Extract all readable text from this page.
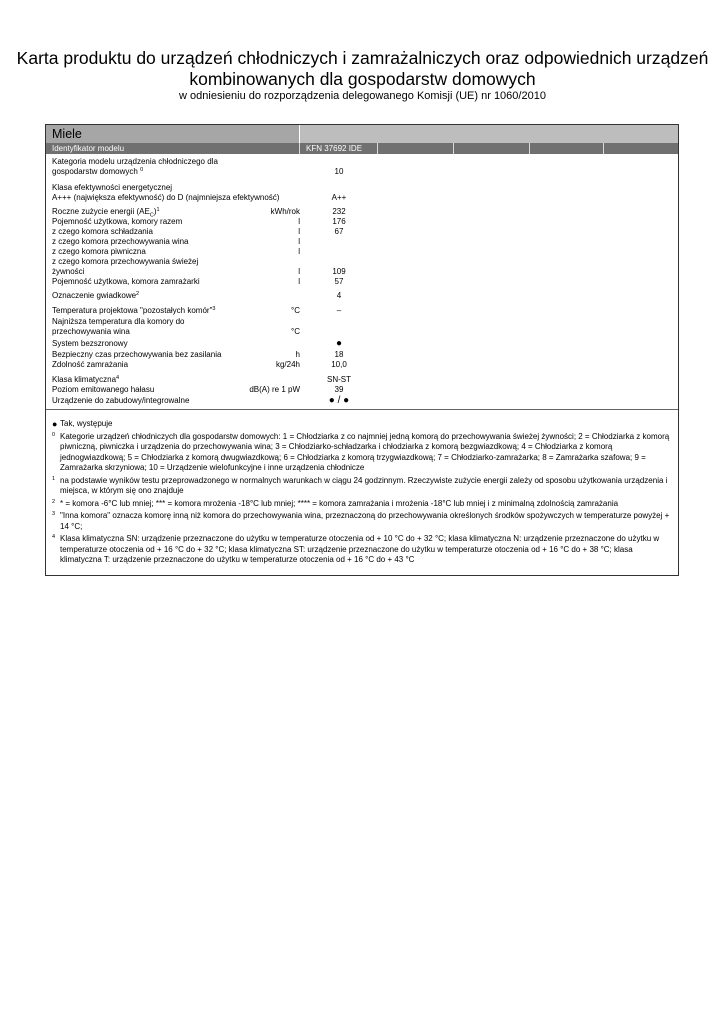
Karta produktu do urządzeń chłodniczych i zamrażalniczych oraz odpowiednich urządzeń kombinowanych dla gospodarstw domowych
w odniesieniu do rozporządzenia delegowanego Komisji (UE) nr 1060/2010
Miele
Identyfikator modelu	KFN 37692 IDE
Kategoria modelu urządzenia chłodniczego dla
gospodarstw domowych $^0$	10
Klasa efektywności energetycznej
A+++ (największa efektywność) do D (najmniejsza efektywność)	A++
Roczne zużycie energii $(AE_C)^1$	kWh/rok	232
Pojemność użytkowa, komory razem	l	176
z czego komora schładzania	l	67
z czego komora przechowywania wina	l
z czego komora piwniczna	l
z czego komora przechowywania świeżej
żywności	l	109
Pojemność użytkowa, komora zamrażarki	l	57
Oznaczenie gwiadkowe$^2$	4
Temperatura projektowa "pozostałych komór"$^3$	°C	–
Najniższa temperatura dla komory do
przechowywania wina	°C
System bezszronowy	●
Bezpieczny czas przechowywania bez zasilania	h	18
Zdolność zamrażania	kg/24h	10,0
Klasa klimatyczna$^4$	SN-ST
Poziom emitowanego hałasu	dB(A) re 1 pW	39
Urządzenie do zabudowy/integrowalne	● / ●
● Tak, występuje
0 Kategorie urządzeń chłodniczych dla gospodarstw domowych: 1 = Chłodziarka z co najmniej jedną komorą do przechowywania świeżej żywności; 2 = Chłodziarka z komorą piwniczną, piwniczka i urządzenia do przechowywania wina; 3 = Chłodziarko-schładzarka i chłodziarka z komorą bezgwiazdkową; 4 = Chłodziarka z komorą jednogwiazdkową; 5 = Chłodziarka z komorą dwugwiazdkową; 6 = Chłodziarka z komorą trzygwiazdkową; 7 = Chłodziarko-zamrażarka; 8 = Zamrażarka szafowa; 9 = Zamrażarka skrzyniowa; 10 = Urządzenie wielofunkcyjne i inne urządzenia chłodnicze
1 na podstawie wyników testu przeprowadzonego w normalnych warunkach w ciągu 24 godzinnym. Rzeczywiste zużycie energii zależy od sposobu użytkowania urządzenia i miejsca, w którym się ono znajduje
2 * = komora -6°C lub mniej; *** = komora mrożenia -18°C lub mniej; **** = komora zamrażania i mrożenia -18°C lub mniej i z minimalną zdolnością zamrażania
3 "Inna komora" oznacza komorę inną niż komora do przechowywania wina, przeznaczoną do przechowywania określonych środków spożywczych w temperaturze powyżej + 14 °C;
4 Klasa klimatyczna SN: urządzenie przeznaczone do użytku w temperaturze otoczenia od + 10 °C do + 32 °C; klasa klimatyczna N: urządzenie przeznaczone do użytku w temperaturze otoczenia od + 16 °C do + 32 °C; klasa klimatyczna ST: urządzenie przeznaczone do użytku w temperaturze otoczenia od + 16 °C do + 38 °C; klasa klimatyczna T: urządzenie przeznaczone do użytku w temperaturze otoczenia od + 16 °C do + 43 °C
